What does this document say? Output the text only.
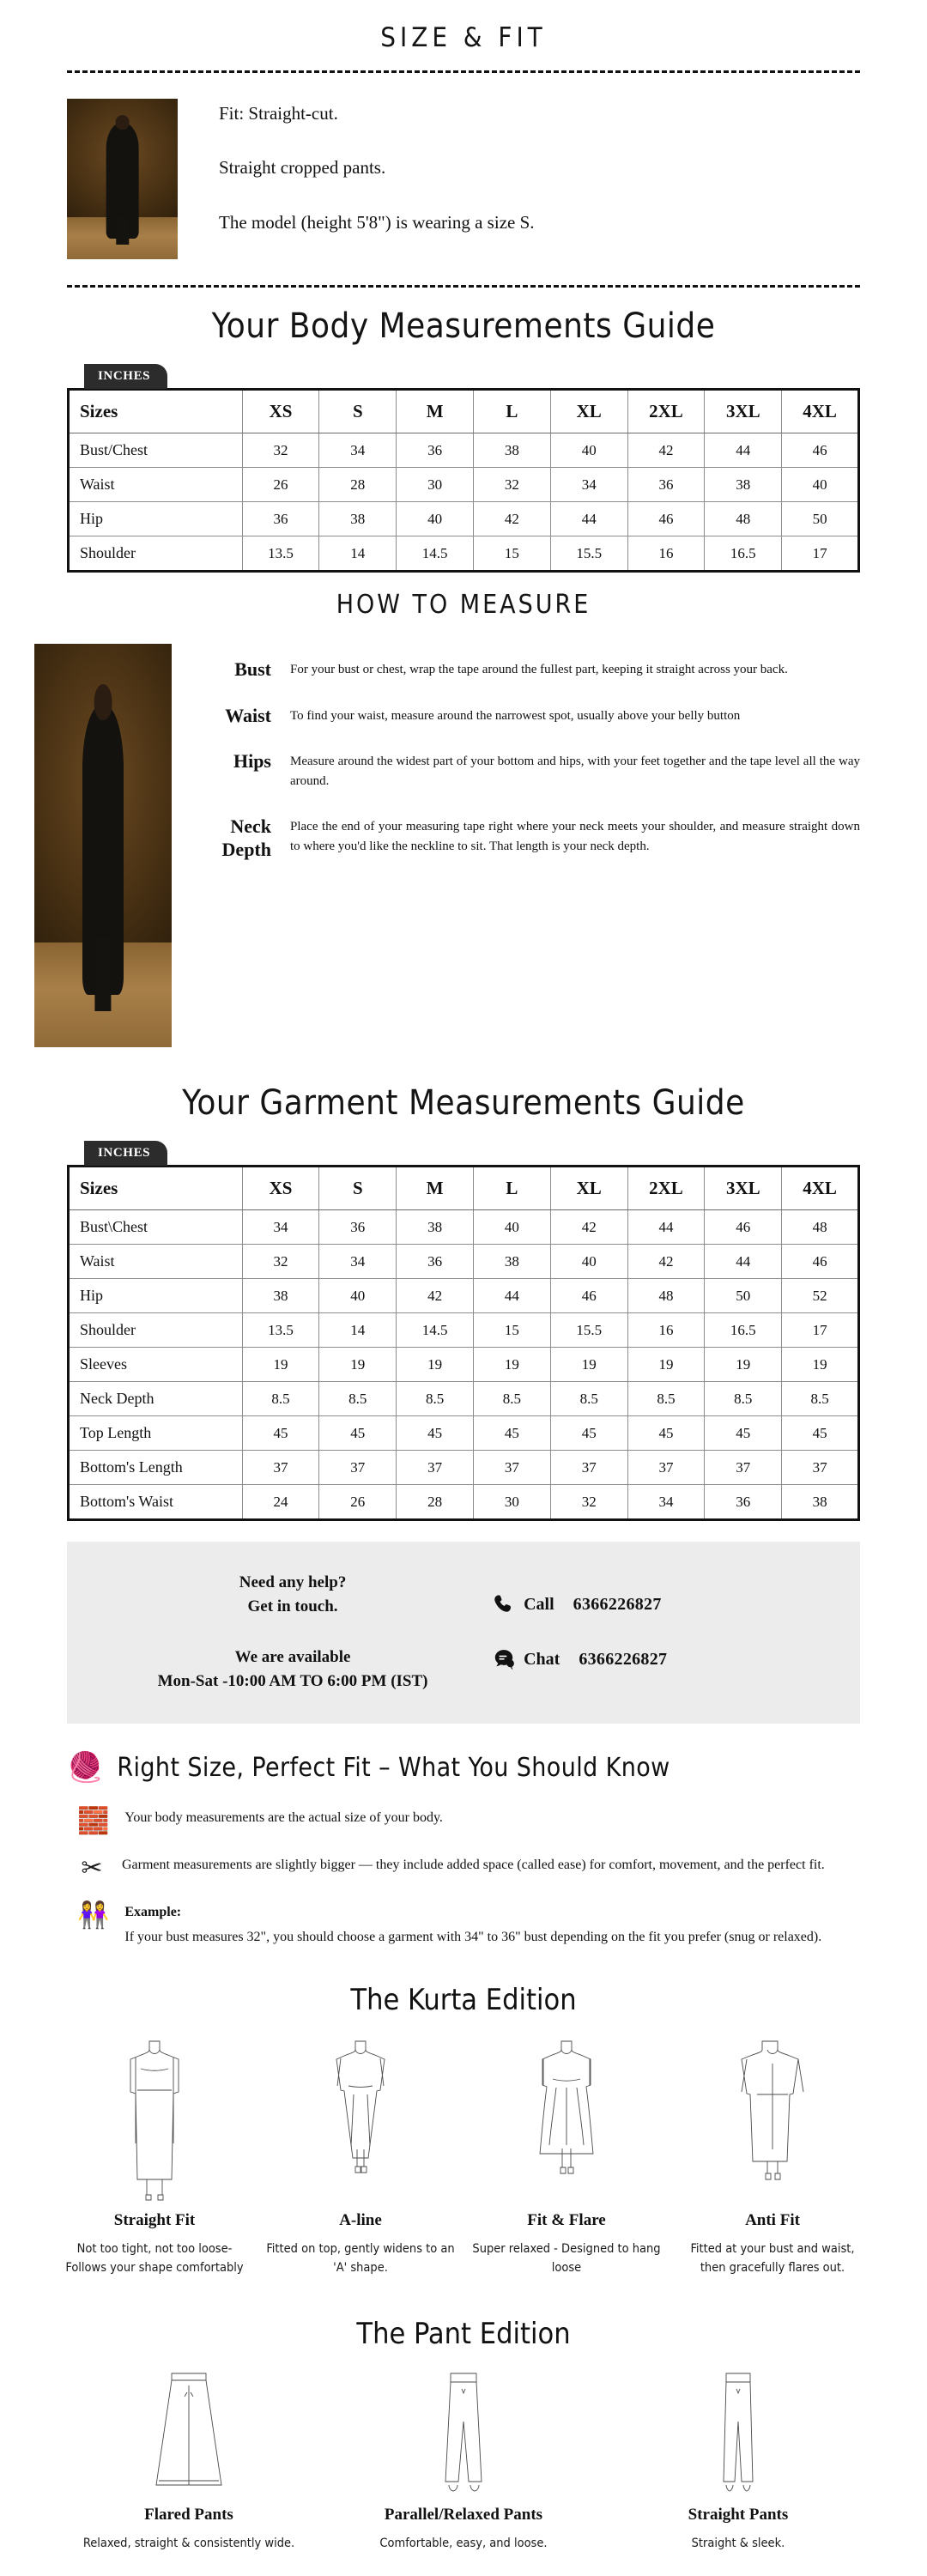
SIZE & FIT

Fit: Straight-cut.

Straight cropped pants.

The model (height 5'8") is wearing a size S.

Your Body Measurements Guide
INCHES
Sizes	XS	S	M	L	XL	2XL	3XL	4XL
Bust/Chest	32	34	36	38	40	42	44	46
Waist	26	28	30	32	34	36	38	40
Hip	36	38	40	42	44	46	48	50
Shoulder	13.5	14	14.5	15	15.5	16	16.5	17
HOW TO MEASURE
Bust	For your bust or chest, wrap the tape around the fullest part, keeping it straight across your back.
Waist	To find your waist, measure around the narrowest spot, usually above your belly button
Hips	Measure around the widest part of your bottom and hips, with your feet together and the tape level all the way around.
Neck Depth
Place the end of your measuring tape right where your neck meets your shoulder, and measure straight down to where you'd like the neckline to sit. That length is your neck depth.
Your Garment Measurements Guide
INCHES
Sizes	XS	S	M	L	XL	2XL	3XL	4XL
Bust\Chest	34	36	38	40	42	44	46	48
Waist	32	34	36	38	40	42	44	46
Hip	38	40	42	44	46	48	50	52
Shoulder	13.5	14	14.5	15	15.5	16	16.5	17
Sleeves	19	19	19	19	19	19	19	19
Neck Depth	8.5	8.5	8.5	8.5	8.5	8.5	8.5	8.5
Top Length	45	45	45	45	45	45	45	45
Bottom's Length	37	37	37	37	37	37	37	37
Bottom's Waist	24	26	28	30	32	34	36	38
Need any help?
Get in touch.
We are available
Mon-Sat -10:00 AM TO 6:00 PM (IST)
Call 6366226827
Chat 6366226827
🧶 Right Size, Perfect Fit – What You Should Know
🧱 Your body measurements are the actual size of your body.
✂ Garment measurements are slightly bigger — they include added space (called ease) for comfort, movement, and the perfect fit.
👭 Example:
If your bust measures 32", you should choose a garment with 34" to 36" bust depending on the fit you prefer (snug or relaxed).
The Kurta Edition
Straight Fit
Not too tight, not too loose-Follows your shape comfortably
A-line
Fitted on top, gently widens to an 'A' shape.
Fit & Flare
Super relaxed - Designed to hang loose
Anti Fit
Fitted at your bust and waist, then gracefully flares out.
The Pant Edition
Flared Pants
Relaxed, straight & consistently wide.
Parallel/Relaxed Pants
Comfortable, easy, and loose.
Straight Pants
Straight & sleek.
